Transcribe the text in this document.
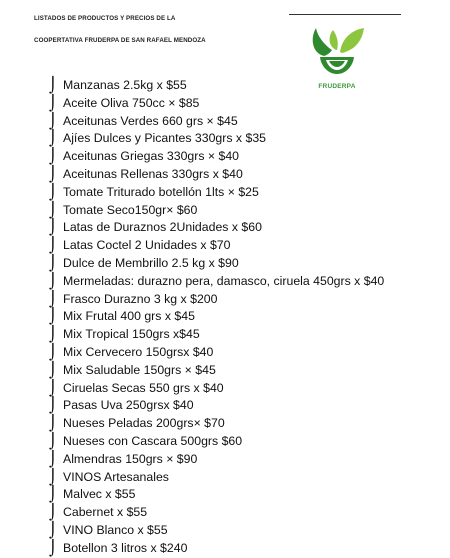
LISTADOS DE PRODUCTOS Y PRECIOS DE LA
COOPERTATIVA FRUDERPA DE SAN RAFAEL MENDOZA
FRUDERPA
⌡ Manzanas 2.5kg x $55
⌡ Aceite Oliva 750cc × $85
⌡ Aceitunas Verdes 660 grs × $45
⌡ Ajíes Dulces y Picantes 330grs x $35
⌡ Aceitunas Griegas 330grs × $40
⌡ Aceitunas Rellenas 330grs x $40
⌡ Tomate Triturado botellón 1lts × $25
⌡ Tomate Seco150gr× $60
⌡ Latas de Duraznos 2Unidades x $60
⌡ Latas Coctel 2 Unidades x $70
⌡ Dulce de Membrillo 2.5 kg x $90
⌡ Mermeladas: durazno pera, damasco, ciruela 450grs x $40
⌡ Frasco Durazno 3 kg x $200
⌡ Mix Frutal 400 grs x $45
⌡ Mix Tropical 150grs x$45
⌡ Mix Cervecero 150grsx $40
⌡ Mix Saludable 150grs × $45
⌡ Ciruelas Secas 550 grs x $40
⌡ Pasas Uva 250grsx $40
⌡ Nueses Peladas 200grs× $70
⌡ Nueses con Cascara 500grs $60
⌡ Almendras 150grs × $90
⌡ VINOS Artesanales
⌡ Malvec x $55
⌡ Cabernet x $55
⌡ VINO Blanco x $55
⌡ Botellon 3 litros x $240
